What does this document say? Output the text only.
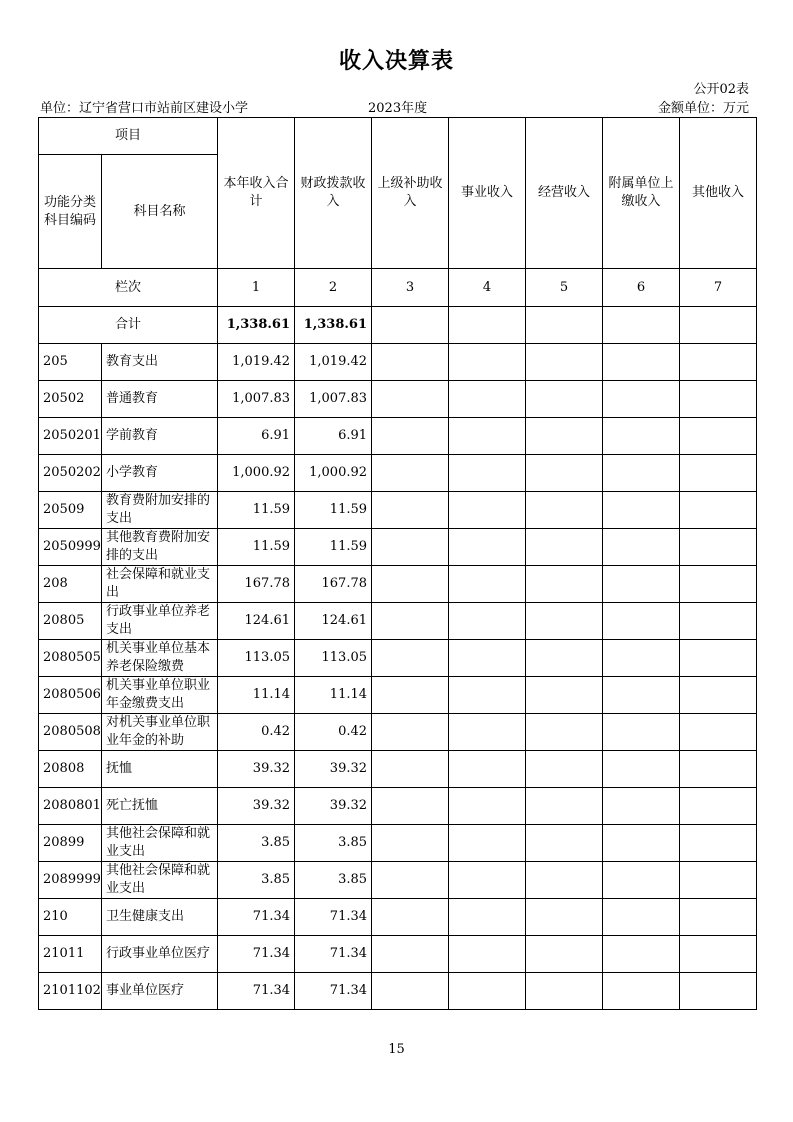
收入决算表
公开02表
单位：辽宁省营口市站前区建设小学	2023年度	金额单位：万元
项目		本年收入合计	财政拨款收入	上级补助收入	事业收入	经营收入	附属单位上缴收入	其他收入
功能分类科目编码	科目名称							
栏次		1	2	3	4	5	6	7
合计		1,338.61	1,338.61					
205	教育支出	1,019.42	1,019.42					
20502	普通教育	1,007.83	1,007.83					
2050201	学前教育	6.91	6.91					
2050202	小学教育	1,000.92	1,000.92					
20509	教育费附加安排的支出	11.59	11.59					
2050999	其他教育费附加安排的支出	11.59	11.59					
208	社会保障和就业支出	167.78	167.78					
20805	行政事业单位养老支出	124.61	124.61					
2080505	机关事业单位基本养老保险缴费	113.05	113.05					
2080506	机关事业单位职业年金缴费支出	11.14	11.14					
2080508	对机关事业单位职业年金的补助	0.42	0.42					
20808	抚恤	39.32	39.32					
2080801	死亡抚恤	39.32	39.32					
20899	其他社会保障和就业支出	3.85	3.85					
2089999	其他社会保障和就业支出	3.85	3.85					
210	卫生健康支出	71.34	71.34					
21011	行政事业单位医疗	71.34	71.34					
2101102	事业单位医疗	71.34	71.34					
15
